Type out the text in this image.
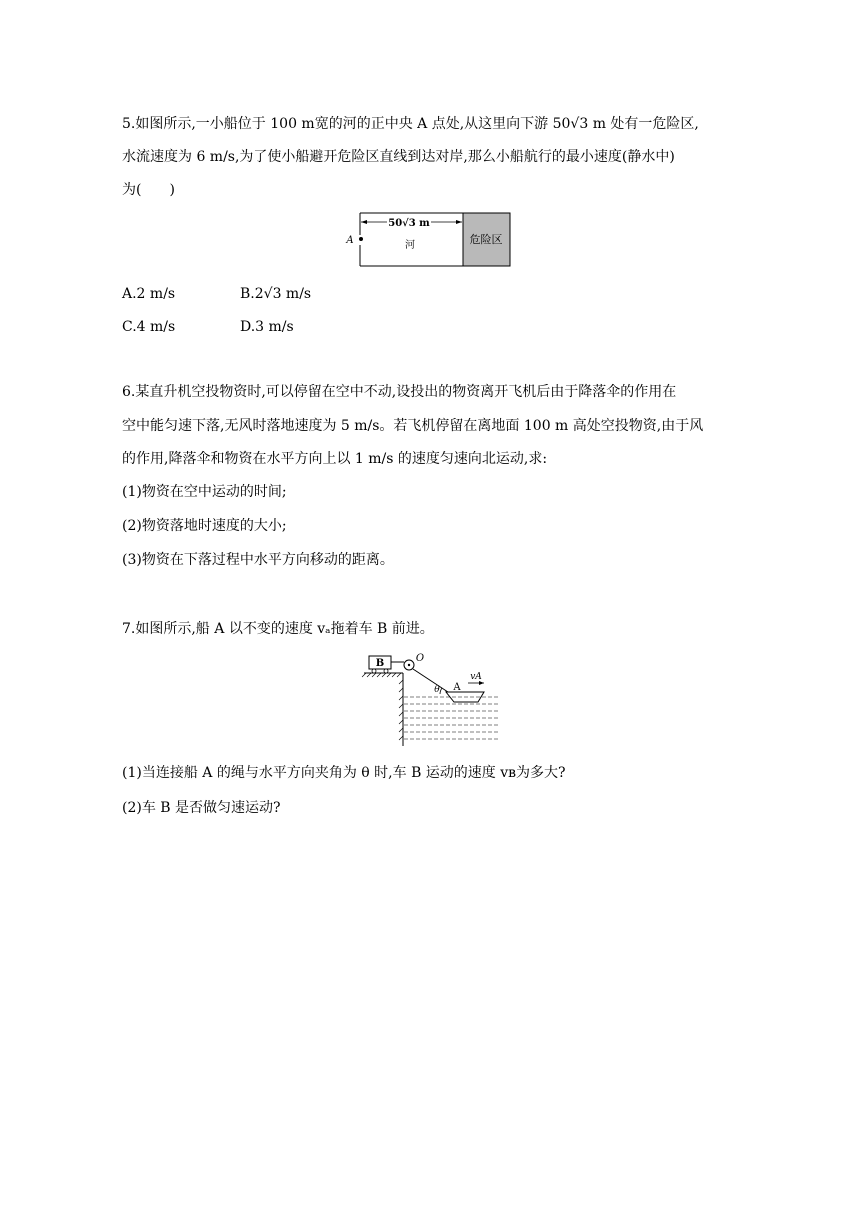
5.如图所示,一小船位于 100 m宽的河的正中央 A 点处,从这里向下游 50√3 m 处有一危险区,
水流速度为 6 m/s,为了使小船避开危险区直线到达对岸,那么小船航行的最小速度(静水中)
为(　　)
50√3 m
A	河	危险区
A.2 m/s	B.2√3 m/s
C.4 m/s	D.3 m/s
6.某直升机空投物资时,可以停留在空中不动,设投出的物资离开飞机后由于降落伞的作用在
空中能匀速下落,无风时落地速度为 5 m/s。若飞机停留在离地面 100 m 高处空投物资,由于风
的作用,降落伞和物资在水平方向上以 1 m/s 的速度匀速向北运动,求:
(1)物资在空中运动的时间;
(2)物资落地时速度的大小;
(3)物资在下落过程中水平方向移动的距离。
7.如图所示,船 A 以不变的速度 vₐ拖着车 B 前进。
B	O
θ A
vA
(1)当连接船 A 的绳与水平方向夹角为 θ 时,车 B 运动的速度 vʙ为多大?
(2)车 B 是否做匀速运动?
